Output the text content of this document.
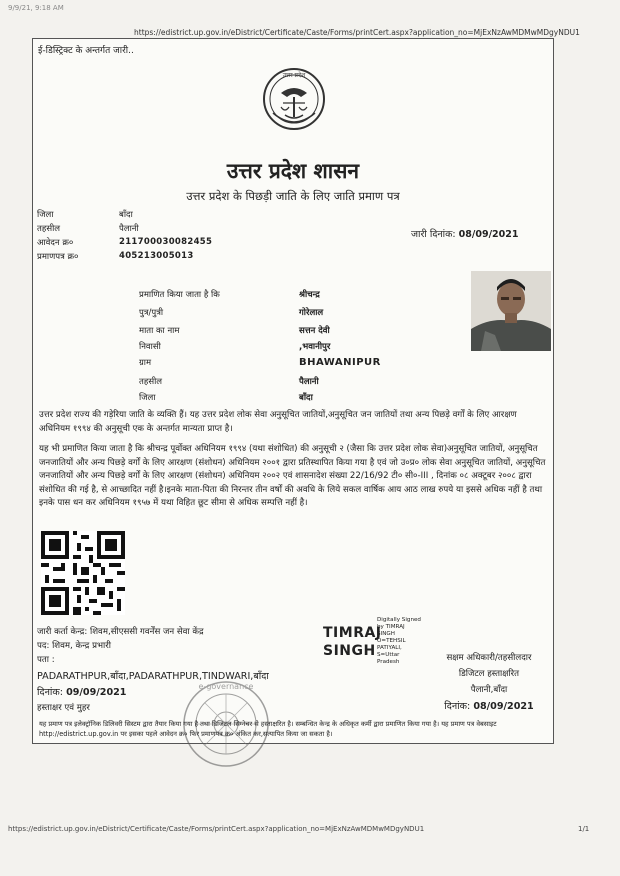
9/9/21, 9:18 AM
https://edistrict.up.gov.in/eDistrict/Certificate/Caste/Forms/printCert.aspx?application_no=MjExNzAwMDMwMDgyNDU1
ई-डिस्ट्रिक्ट के अन्तर्गत जारी..
उत्तर प्रदेश
उत्तर प्रदेश शासन
उत्तर प्रदेश के पिछड़ी जाति के लिए जाति प्रमाण पत्र
जिला	बाँदा
तहसील	पैलानी
आवेदन क्र०	211700030082455
प्रमाणपत्र क्र०	405213005013
जारी दिनांक: 08/09/2021
प्रमाणित किया जाता है कि	श्रीचन्द्र
पुत्र/पुत्री	गोरेलाल
माता का नाम	सत्तन देवी
निवासी	,भवानीपुर
ग्राम	BHAWANIPUR
तहसील	पैलानी
जिला	बाँदा
उत्तर प्रदेश राज्य की गड़ेरिया जाति के व्यक्ति हैं। यह उत्तर प्रदेश लोक सेवा अनुसूचित जातियों,अनुसूचित जन जातियों तथा अन्य पिछड़े वर्गों के लिए आरक्षण अधिनियम १९९४ की अनुसूची एक के अन्तर्गत मान्यता प्राप्त है।
यह भी प्रमाणित किया जाता है कि श्रीचन्द्र पूर्वोक्त अधिनियम १९९४ (यथा संशोधित) की अनुसूची २ (जैसा कि उत्तर प्रदेश लोक सेवा)अनुसूचित जातियों, अनुसूचित जनजातियों और अन्य पिछड़े वर्गों के लिए आरक्षण (संशोधन) अधिनियम २००१ द्वारा प्रतिस्थापित किया गया है एवं जो उ०प्र० लोक सेवा अनुसूचित जातियों, अनुसूचित जनजातियों और अन्य पिछड़े वर्गों के लिए आरक्षण (संशोधन) अधिनियम २००२ एवं शासनादेश संख्या 22/16/92 टी० सी०-III , दिनांक ०८ अक्टूबर २००८ द्वारा संशोधित की गई है, से आच्छादित नहीं है।इनके माता-पिता की निरन्तर तीन वर्षों की अवधि के लिये सकल वार्षिक आय आठ लाख रुपये या इससे अधिक नहीं है तथा इनके पास धन कर अधिनियम १९५७ में यथा विहित छूट सीमा से अधिक सम्पत्ति नहीं है।
जारी कर्ता केन्द्र: शिवम,सीएससी गवर्नेंस जन सेवा केंद्र
पद: शिवम, केन्द्र प्रभारी
पता :
PADARATHPUR,बाँदा,PADARATHPUR,TINDWARI,बाँदा
दिनांक: 09/09/2021
हस्ताक्षर एवं मुहर
TIMRAJ
SINGH
Digitally Signed
by TIMRAJ
SINGH
O=TEHSIL
PATIYALI,
S=Uttar
Pradesh	सक्षम अधिकारी/तहसीलदार
डिजिटल हस्ताक्षरित
पैलानी,बाँदा
दिनांक: 08/09/2021
e-governance
यह प्रमाण पत्र इलेक्ट्रॉनिक डिलिवरी सिस्टम द्वारा तैयार किया गया है तथा डिजिटल सिग्नेचर से हस्ताक्षरित है। सम्बन्धित केन्द्र के अधिकृत कर्मी द्वारा प्रमाणित किया गया है। यह प्रमाण पत्र वेबसाइट http://edistrict.up.gov.in पर इसका पहले आवेदन क्र० फिर प्रमाणपत्र क्र० अंकित कर,सत्यापित किया जा सकता है।
https://edistrict.up.gov.in/eDistrict/Certificate/Caste/Forms/printCert.aspx?application_no=MjExNzAwMDMwMDgyNDU1	1/1
